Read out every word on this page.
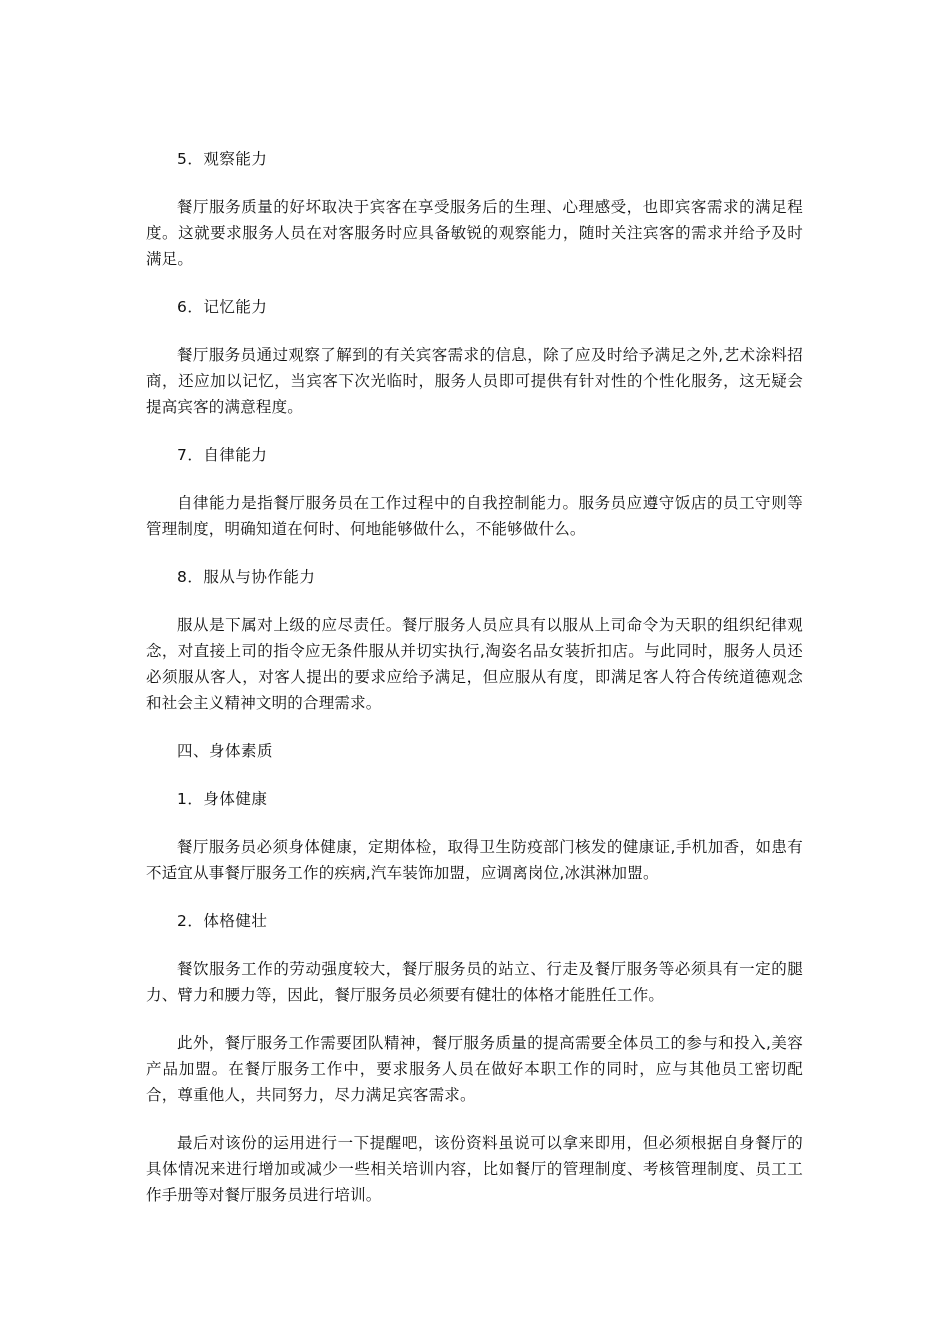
5．观察能力

餐厅服务质量的好坏取决于宾客在享受服务后的生理、心理感受，也即宾客需求的满足程度。这就要求服务人员在对客服务时应具备敏锐的观察能力，随时关注宾客的需求并给予及时满足。

6．记忆能力

餐厅服务员通过观察了解到的有关宾客需求的信息，除了应及时给予满足之外,艺术涂料招商，还应加以记忆，当宾客下次光临时，服务人员即可提供有针对性的个性化服务，这无疑会提高宾客的满意程度。

7．自律能力

自律能力是指餐厅服务员在工作过程中的自我控制能力。服务员应遵守饭店的员工守则等管理制度，明确知道在何时、何地能够做什么，不能够做什么。

8．服从与协作能力

服从是下属对上级的应尽责任。餐厅服务人员应具有以服从上司命令为天职的组织纪律观念，对直接上司的指令应无条件服从并切实执行,淘姿名品女装折扣店。与此同时，服务人员还必须服从客人，对客人提出的要求应给予满足，但应服从有度，即满足客人符合传统道德观念和社会主义精神文明的合理需求。

四、身体素质

1．身体健康

餐厅服务员必须身体健康，定期体检，取得卫生防疫部门核发的健康证,手机加香，如患有不适宜从事餐厅服务工作的疾病,汽车装饰加盟，应调离岗位,冰淇淋加盟。

2．体格健壮

餐饮服务工作的劳动强度较大，餐厅服务员的站立、行走及餐厅服务等必须具有一定的腿力、臂力和腰力等，因此，餐厅服务员必须要有健壮的体格才能胜任工作。

此外，餐厅服务工作需要团队精神，餐厅服务质量的提高需要全体员工的参与和投入,美容产品加盟。在餐厅服务工作中，要求服务人员在做好本职工作的同时，应与其他员工密切配合，尊重他人，共同努力，尽力满足宾客需求。

最后对该份的运用进行一下提醒吧，该份资料虽说可以拿来即用，但必须根据自身餐厅的具体情况来进行增加或减少一些相关培训内容，比如餐厅的管理制度、考核管理制度、员工工作手册等对餐厅服务员进行培训。
